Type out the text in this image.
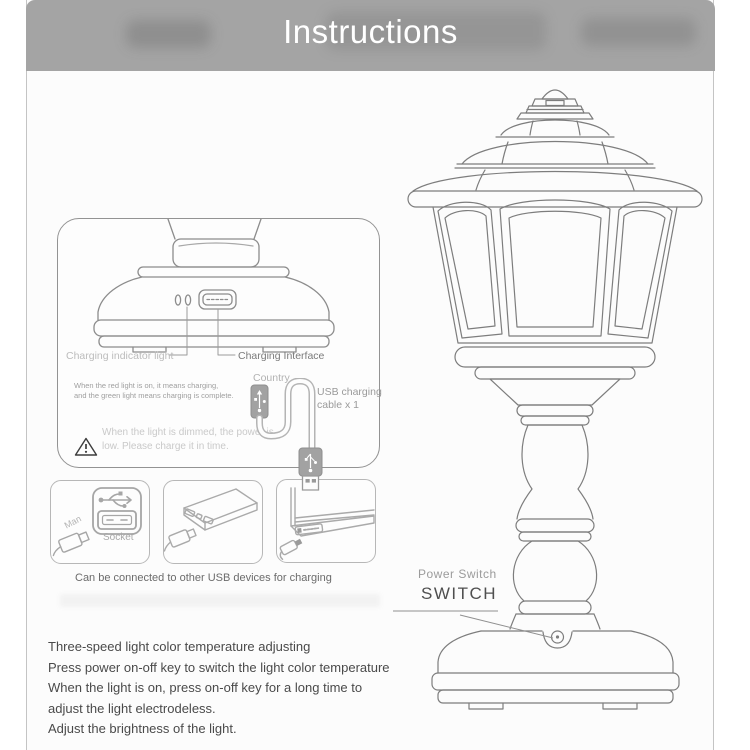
Instructions
Charging indicator light	Charging Interface
Country
When the red light is on, it means charging,
and the green light means charging is complete.
When the light is dimmed, the power is
low. Please charge it in time.
USB charging cable x 1
Man
Socket
Can be connected to other USB devices for charging	Power Switch
SWITCH
Three-speed light color temperature adjusting
Press power on-off key to switch the light color temperature
When the light is on, press on-off key for a long time to
adjust the light electrodeless.
Adjust the brightness of the light.
